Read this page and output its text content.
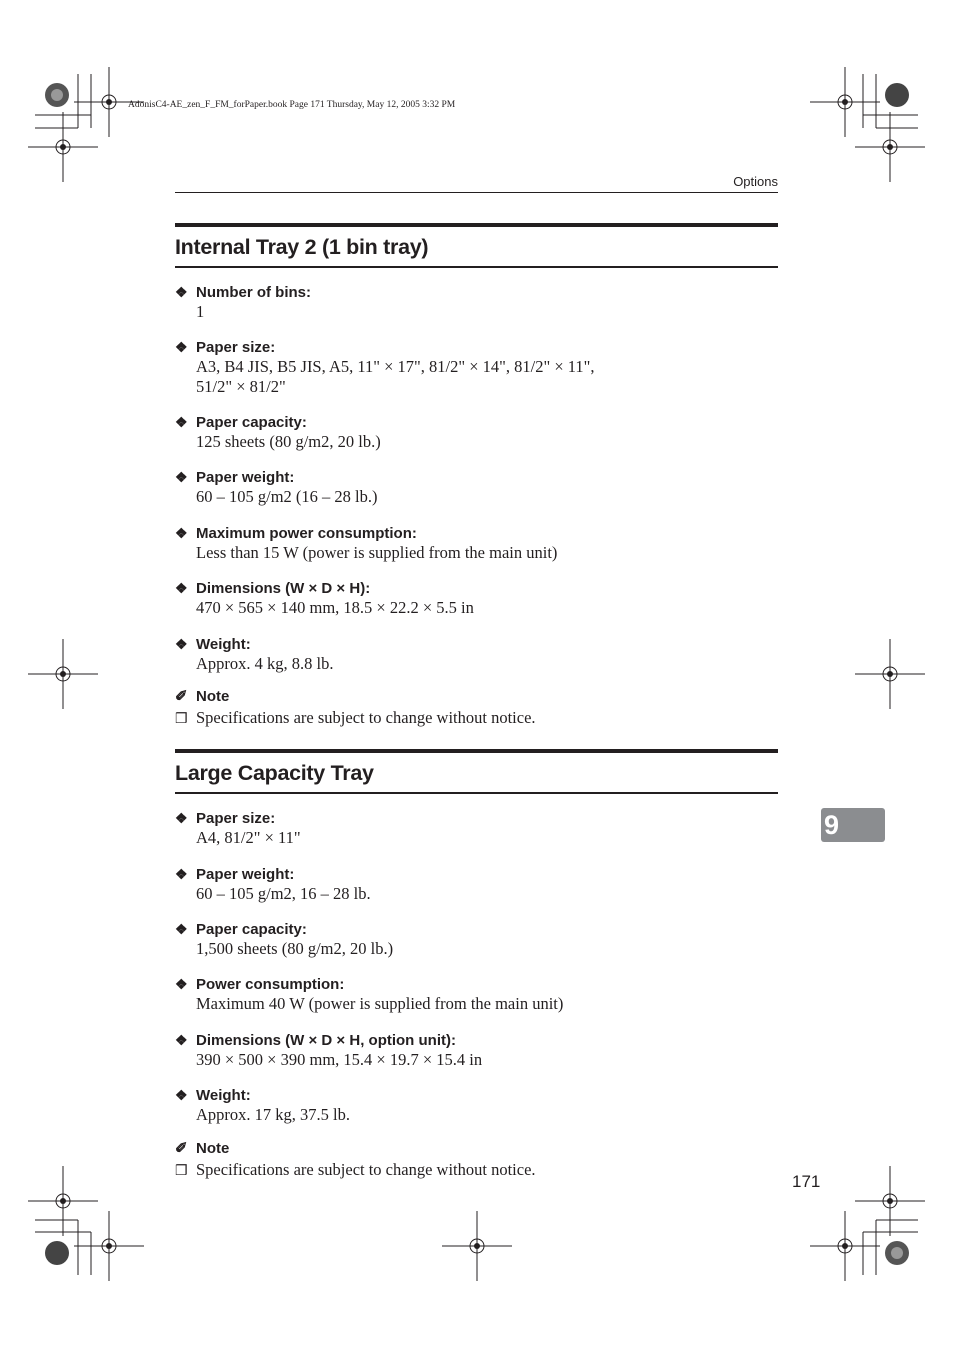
AdonisC4-AE_zen_F_FM_forPaper.book Page 171 Thursday, May 12, 2005 3:32 PM
Options
Internal Tray 2 (1 bin tray)
❖ Number of bins:
1
❖ Paper size:
A3, B4 JIS, B5 JIS, A5, 11" × 17", 81/2" × 14", 81/2" × 11",
51/2" × 81/2"
❖ Paper capacity:
125 sheets (80 g/m2, 20 lb.)
❖ Paper weight:
60 – 105 g/m2 (16 – 28 lb.)
❖ Maximum power consumption:
Less than 15 W (power is supplied from the main unit)
❖ Dimensions (W × D × H):
470 × 565 × 140 mm, 18.5 × 22.2 × 5.5 in
❖ Weight:
Approx. 4 kg, 8.8 lb.
✐ Note
❒ Specifications are subject to change without notice.
Large Capacity Tray
❖ Paper size:
A4, 81/2" × 11"
❖ Paper weight:
60 – 105 g/m2, 16 – 28 lb.
❖ Paper capacity:
1,500 sheets (80 g/m2, 20 lb.)
❖ Power consumption:
Maximum 40 W (power is supplied from the main unit)
❖ Dimensions (W × D × H, option unit):
390 × 500 × 390 mm, 15.4 × 19.7 × 15.4 in
❖ Weight:
Approx. 17 kg, 37.5 lb.
✐ Note
❒ Specifications are subject to change without notice.
9
171
